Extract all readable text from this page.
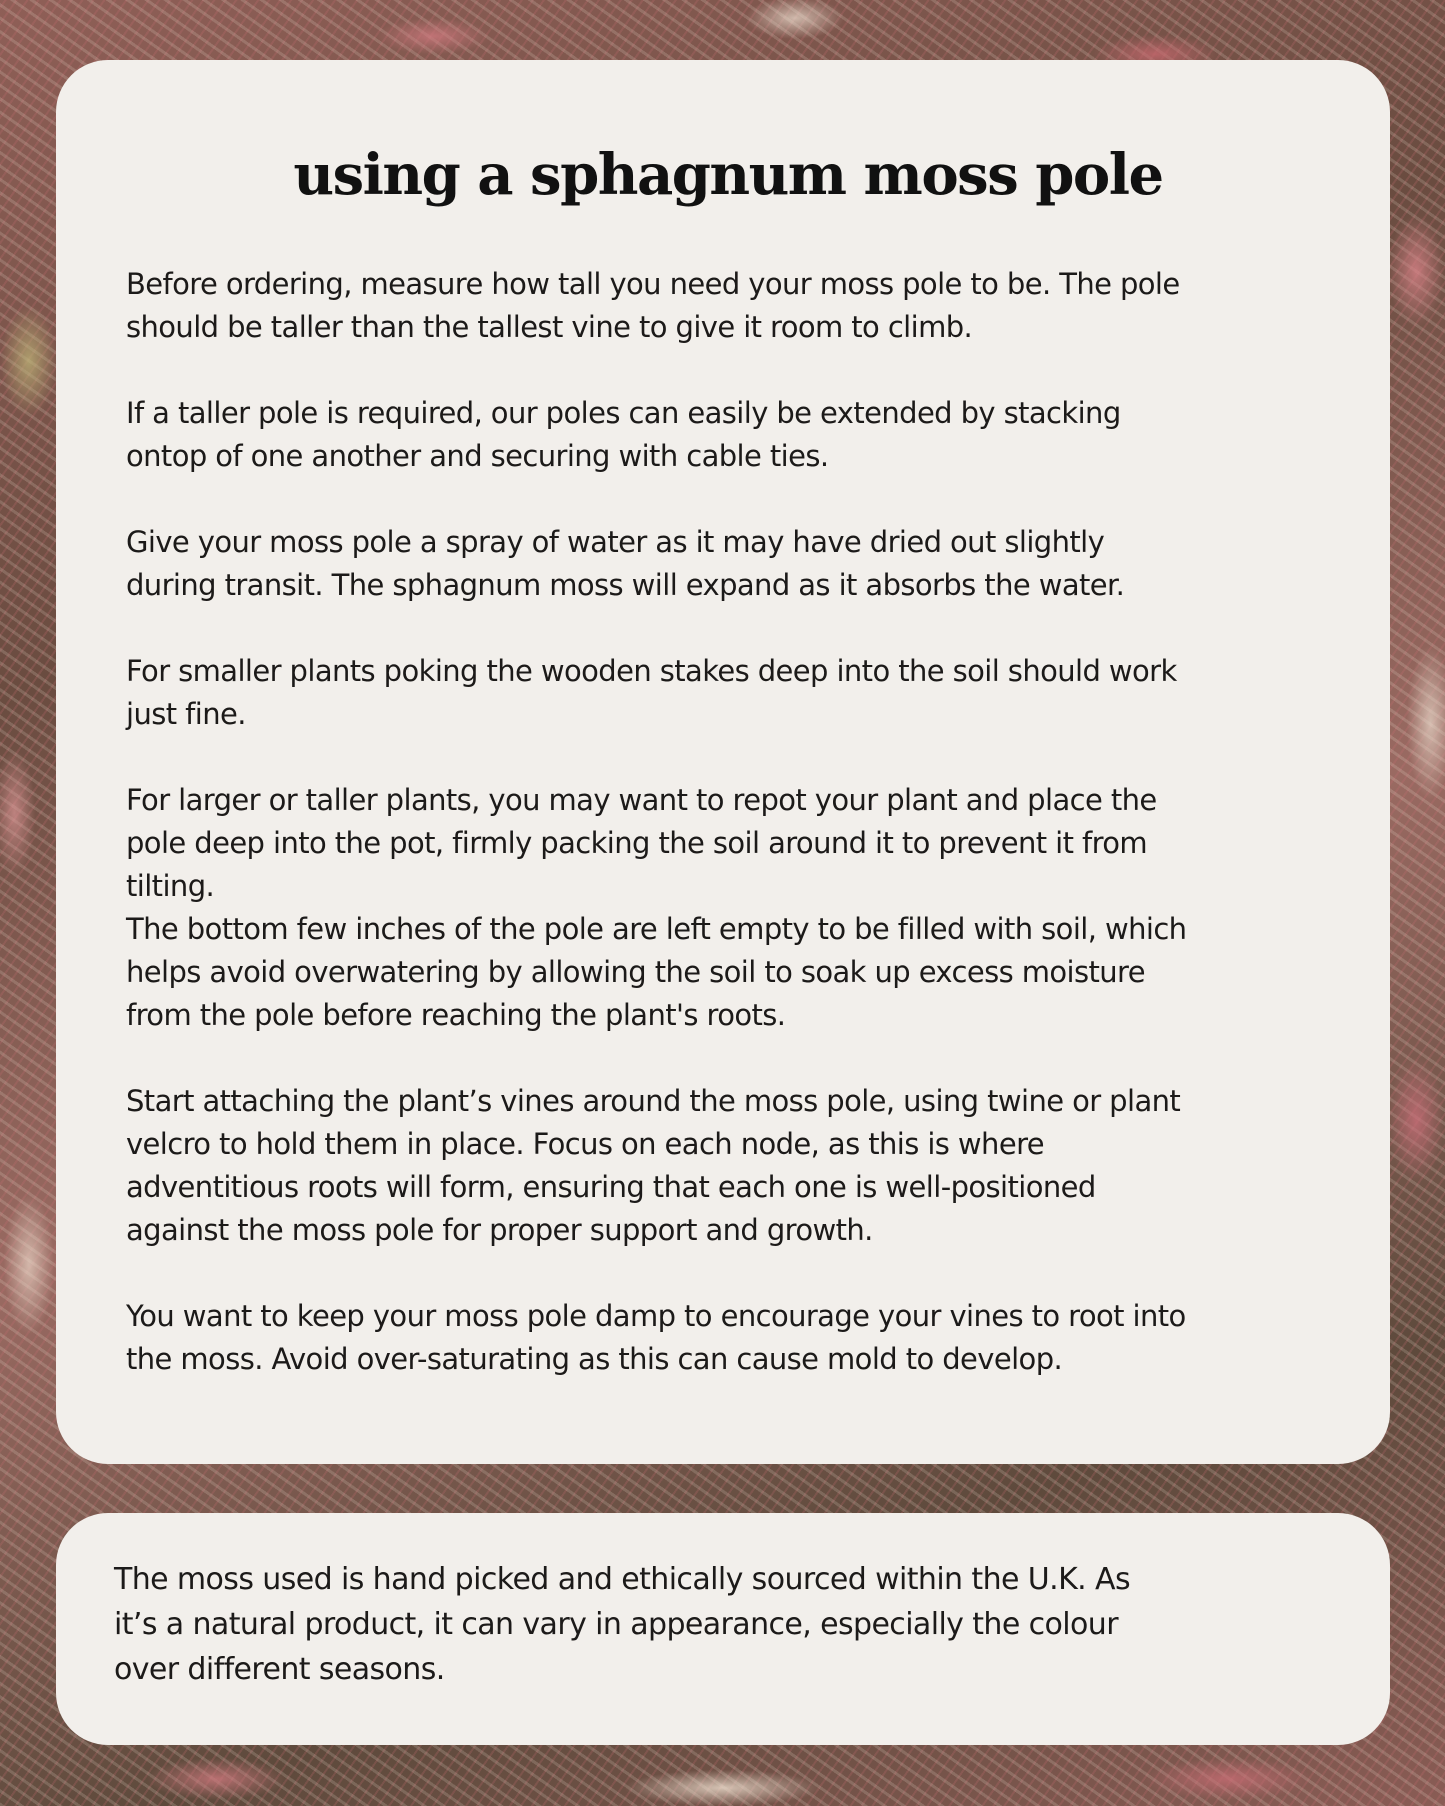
using a sphagnum moss pole

Before ordering, measure how tall you need your moss pole to be. The pole
should be taller than the tallest vine to give it room to climb.

If a taller pole is required, our poles can easily be extended by stacking
ontop of one another and securing with cable ties.

Give your moss pole a spray of water as it may have dried out slightly
during transit. The sphagnum moss will expand as it absorbs the water.

For smaller plants poking the wooden stakes deep into the soil should work
just fine.

For larger or taller plants, you may want to repot your plant and place the
pole deep into the pot, firmly packing the soil around it to prevent it from
tilting.

The bottom few inches of the pole are left empty to be filled with soil, which
helps avoid overwatering by allowing the soil to soak up excess moisture
from the pole before reaching the plant's roots.

Start attaching the plant’s vines around the moss pole, using twine or plant
velcro to hold them in place. Focus on each node, as this is where
adventitious roots will form, ensuring that each one is well-positioned
against the moss pole for proper support and growth.

You want to keep your moss pole damp to encourage your vines to root into
the moss. Avoid over-saturating as this can cause mold to develop.

The moss used is hand picked and ethically sourced within the U.K. As
it’s a natural product, it can vary in appearance, especially the colour
over different seasons.
